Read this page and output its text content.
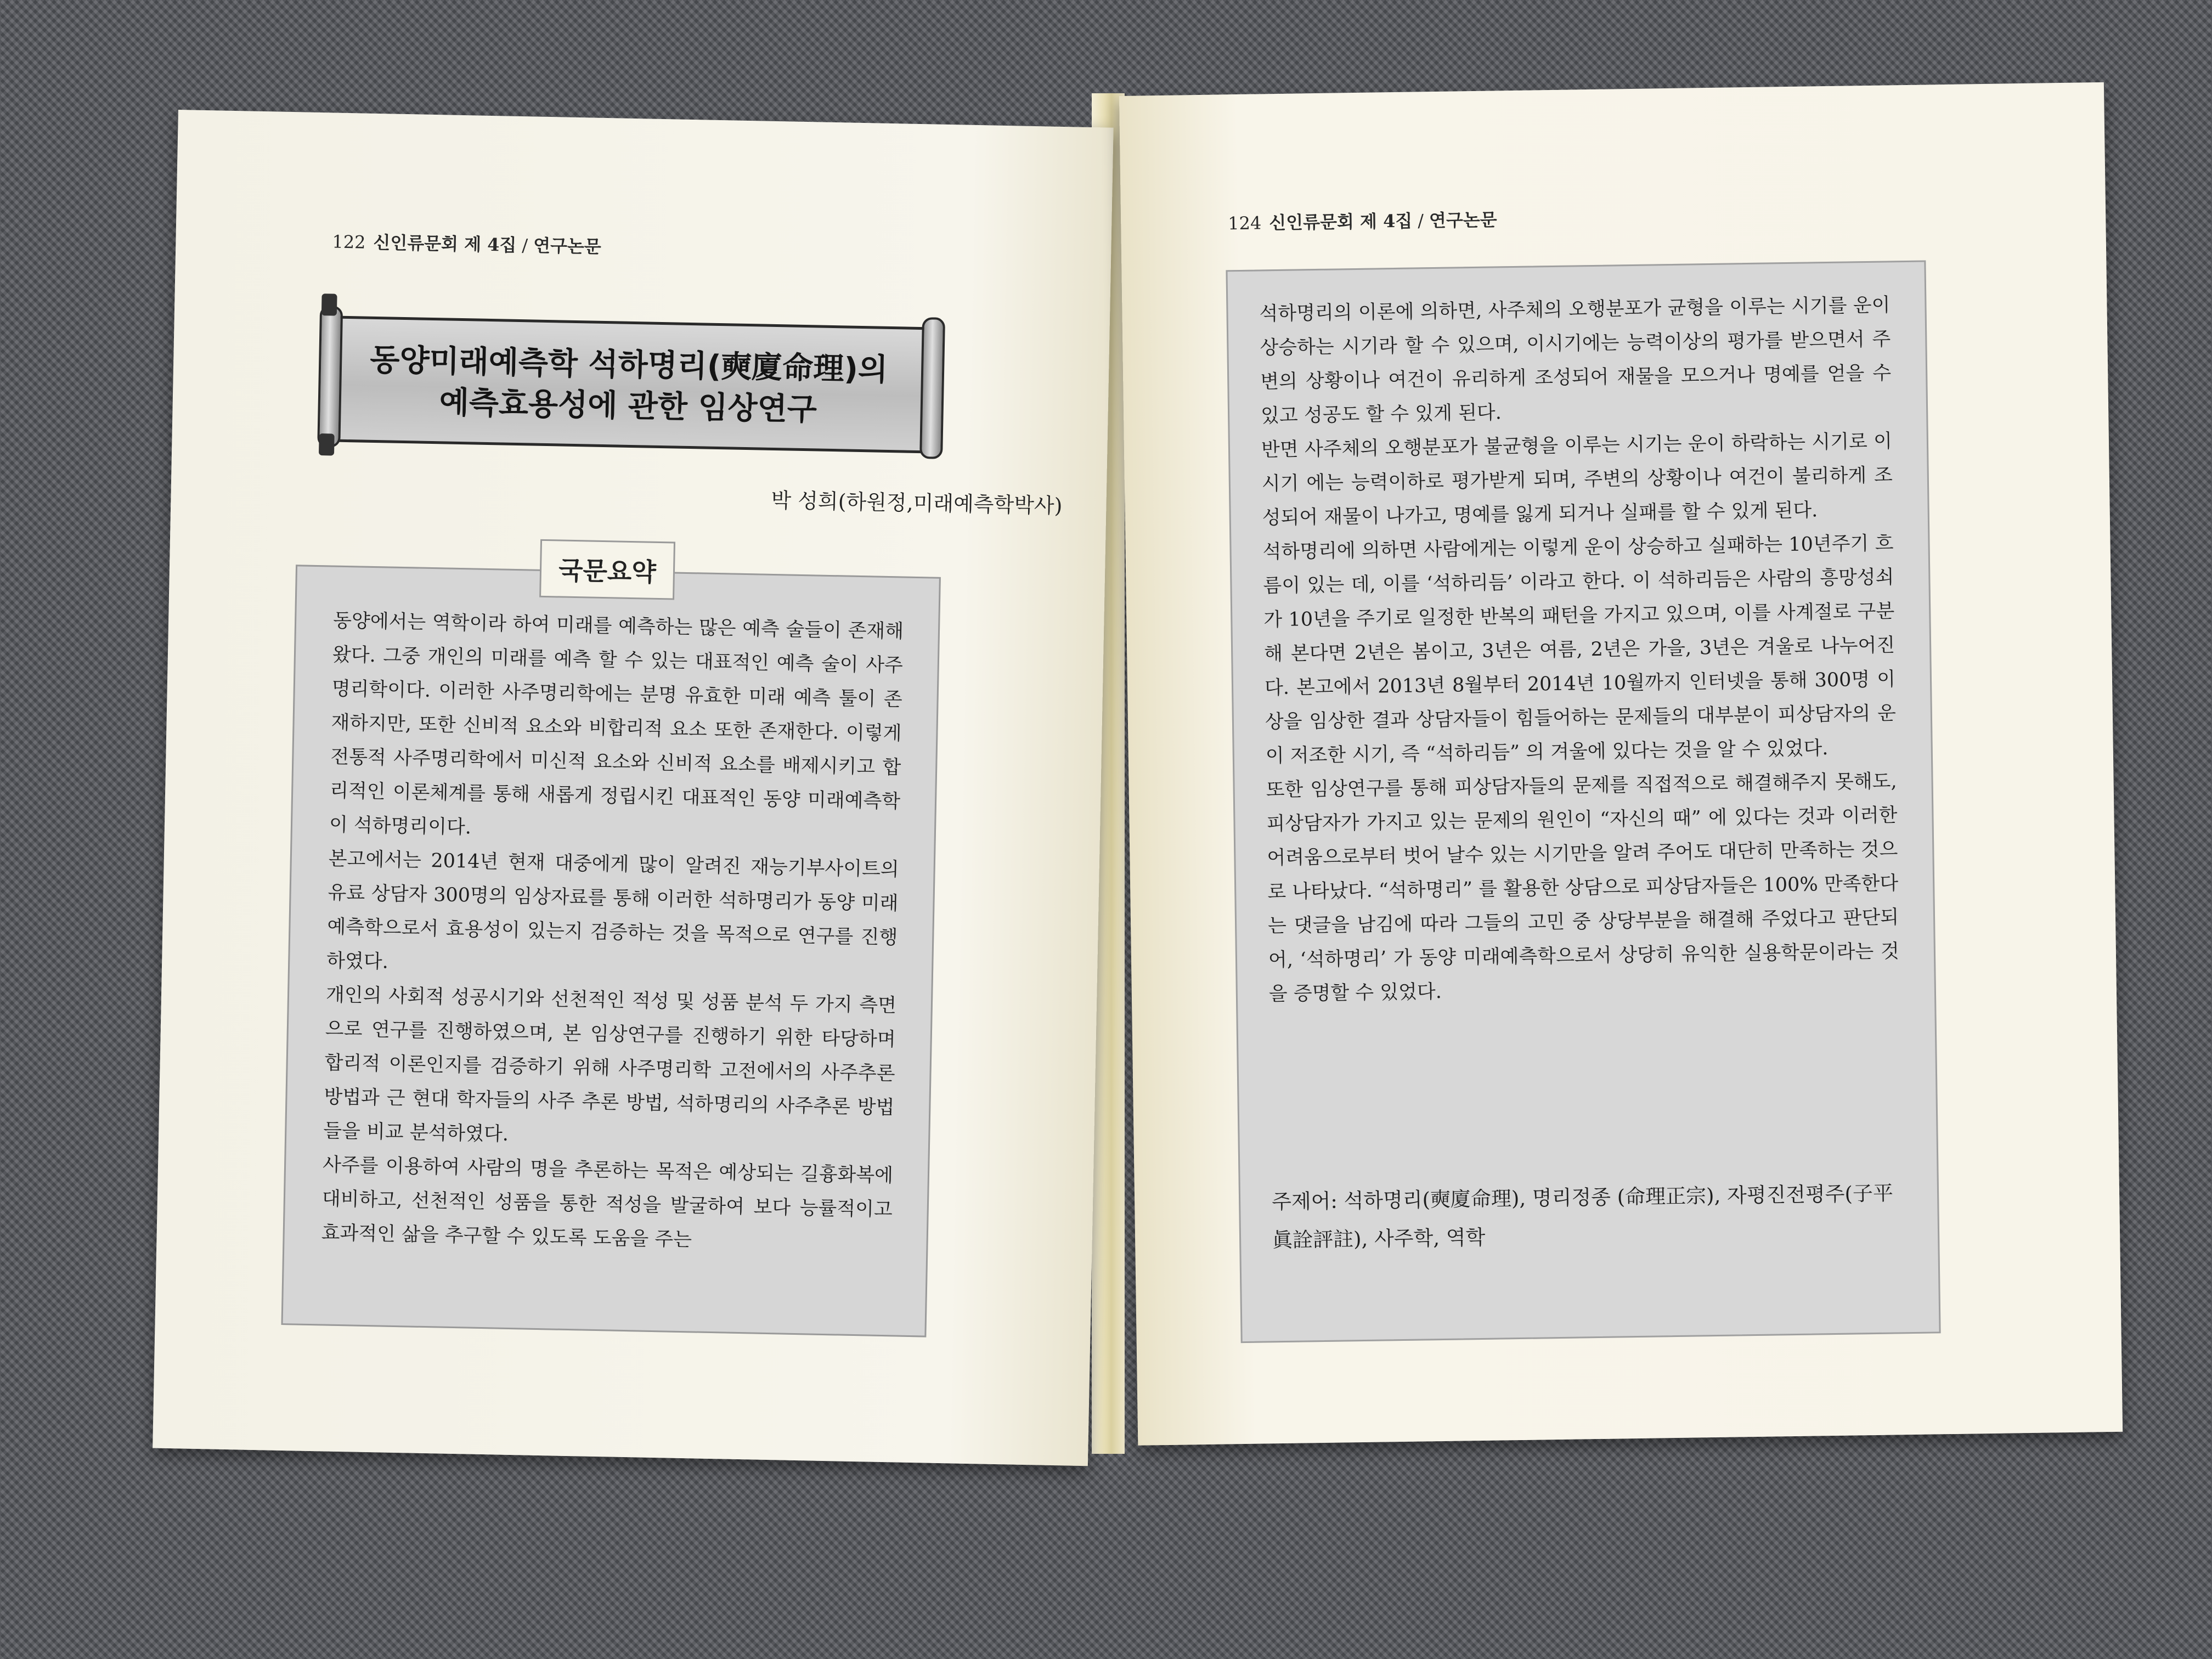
122 신인류문회 제 4집 / 연구논문
동양미래예측학 석하명리(奭廈命理)의
예측효용성에 관한 임상연구
박 성희(하원정,미래예측학박사)
국문요약

동양에서는 역학이라 하여 미래를 예측하는 많은 예측 술들이 존재해 왔다. 그중 개인의 미래를 예측 할 수 있는 대표적인 예측 술이 사주명리학이다. 이러한 사주명리학에는 분명 유효한 미래 예측 툴이 존재하지만, 또한 신비적 요소와 비합리적 요소 또한 존재한다. 이렇게 전통적 사주명리학에서 미신적 요소와 신비적 요소를 배제시키고 합리적인 이론체계를 통해 새롭게 정립시킨 대표적인 동양 미래예측학이 석하명리이다.

본고에서는 2014년 현재 대중에게 많이 알려진 재능기부사이트의 유료 상담자 300명의 임상자료를 통해 이러한 석하명리가 동양 미래예측학으로서 효용성이 있는지 검증하는 것을 목적으로 연구를 진행하였다.

개인의 사회적 성공시기와 선천적인 적성 및 성품 분석 두 가지 측면으로 연구를 진행하였으며, 본 임상연구를 진행하기 위한 타당하며 합리적 이론인지를 검증하기 위해 사주명리학 고전에서의 사주추론 방법과 근 현대 학자들의 사주 추론 방법, 석하명리의 사주추론 방법들을 비교 분석하였다.

사주를 이용하여 사람의 명을 추론하는 목적은 예상되는 길흉화복에 대비하고, 선천적인 성품을 통한 적성을 발굴하여 보다 능률적이고 효과적인 삶을 추구할 수 있도록 도움을 주는

124 신인류문회 제 4집 / 연구논문

석하명리의 이론에 의하면, 사주체의 오행분포가 균형을 이루는 시기를 운이 상승하는 시기라 할 수 있으며, 이시기에는 능력이상의 평가를 받으면서 주변의 상황이나 여건이 유리하게 조성되어 재물을 모으거나 명예를 얻을 수 있고 성공도 할 수 있게 된다.

반면 사주체의 오행분포가 불균형을 이루는 시기는 운이 하락하는 시기로 이시기 에는 능력이하로 평가받게 되며, 주변의 상황이나 여건이 불리하게 조성되어 재물이 나가고, 명예를 잃게 되거나 실패를 할 수 있게 된다.

석하명리에 의하면 사람에게는 이렇게 운이 상승하고 실패하는 10년주기 흐름이 있는 데, 이를 ‘석하리듬’ 이라고 한다. 이 석하리듬은 사람의 흥망성쇠가 10년을 주기로 일정한 반복의 패턴을 가지고 있으며, 이를 사계절로 구분해 본다면 2년은 봄이고, 3년은 여름, 2년은 가을, 3년은 겨울로 나누어진다. 본고에서 2013년 8월부터 2014년 10월까지 인터넷을 통해 300명 이상을 임상한 결과 상담자들이 힘들어하는 문제들의 대부분이 피상담자의 운이 저조한 시기, 즉 “석하리듬” 의 겨울에 있다는 것을 알 수 있었다.

또한 임상연구를 통해 피상담자들의 문제를 직접적으로 해결해주지 못해도, 피상담자가 가지고 있는 문제의 원인이 “자신의 때” 에 있다는 것과 이러한 어려움으로부터 벗어 날수 있는 시기만을 알려 주어도 대단히 만족하는 것으로 나타났다. “석하명리” 를 활용한 상담으로 피상담자들은 100% 만족한다는 댓글을 남김에 따라 그들의 고민 중 상당부분을 해결해 주었다고 판단되어, ‘석하명리’ 가 동양 미래예측학으로서 상당히 유익한 실용학문이라는 것을 증명할 수 있었다.

주제어: 석하명리(奭廈命理), 명리정종 (命理正宗), 자평진전평주(子平眞詮評註), 사주학, 역학
